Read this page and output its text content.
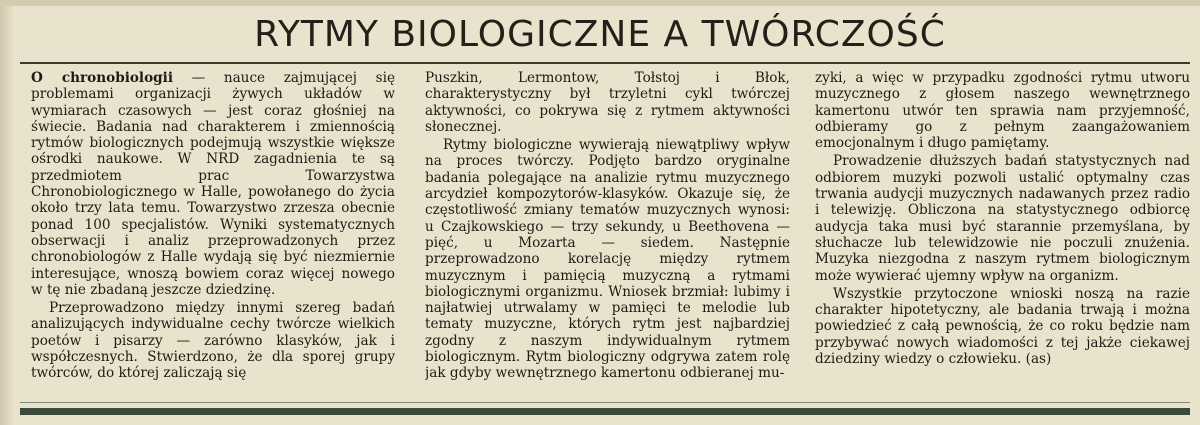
RYTMY BIOLOGICZNE A TWÓRCZOŚĆ

O chronobiologii — nauce zajmującej się problemami organizacji żywych układów w wymiarach czasowych — jest coraz głośniej na świecie. Badania nad charakterem i zmiennością rytmów biologicznych podejmują wszystkie większe ośrodki naukowe. W NRD zagadnienia te są przedmiotem prac Towarzystwa Chronobiologicznego w Halle, powołanego do życia około trzy lata temu. Towarzystwo zrzesza obecnie ponad 100 specjalistów. Wyniki systematycznych obserwacji i analiz przeprowadzonych przez chronobiologów z Halle wydają się być niezmiernie interesujące, wnoszą bowiem coraz więcej nowego w tę nie zbadaną jeszcze dziedzinę.

Przeprowadzono między innymi szereg badań analizujących indywidualne cechy twórcze wielkich poetów i pisarzy — zarówno klasyków, jak i współczesnych. Stwierdzono, że dla sporej grupy twórców, do której zaliczają się

Puszkin, Lermontow, Tołstoj i Błok, charakterystyczny był trzyletni cykl twórczej aktywności, co pokrywa się z rytmem aktywności słonecznej.

Rytmy biologiczne wywierają niewątpliwy wpływ na proces twórczy. Podjęto bardzo oryginalne badania polegające na analizie rytmu muzycznego arcydzieł kompozytorów-klasyków. Okazuje się, że częstotliwość zmiany tematów muzycznych wynosi: u Czajkowskiego — trzy sekundy, u Beethovena — pięć, u Mozarta — siedem. Następnie przeprowadzono korelację między rytmem muzycznym i pamięcią muzyczną a rytmami biologicznymi organizmu. Wniosek brzmiał: lubimy i najłatwiej utrwalamy w pamięci te melodie lub tematy muzyczne, których rytm jest najbardziej zgodny z naszym indywidualnym rytmem biologicznym. Rytm biologiczny odgrywa zatem rolę jak gdyby wewnętrznego kamertonu odbieranej mu-

zyki, a więc w przypadku zgodności rytmu utworu muzycznego z głosem naszego wewnętrznego kamertonu utwór ten sprawia nam przyjemność, odbieramy go z pełnym zaangażowaniem emocjonalnym i długo pamiętamy.

Prowadzenie dłuższych badań statystycznych nad odbiorem muzyki pozwoli ustalić optymalny czas trwania audycji muzycznych nadawanych przez radio i telewizję. Obliczona na statystycznego odbiorcę audycja taka musi być starannie przemyślana, by słuchacze lub telewidzowie nie poczuli znużenia. Muzyka niezgodna z naszym rytmem biologicznym może wywierać ujemny wpływ na organizm.

Wszystkie przytoczone wnioski noszą na razie charakter hipotetyczny, ale badania trwają i można powiedzieć z całą pewnością, że co roku będzie nam przybywać nowych wiadomości z tej jakże ciekawej dziedziny wiedzy o człowieku. (as)
